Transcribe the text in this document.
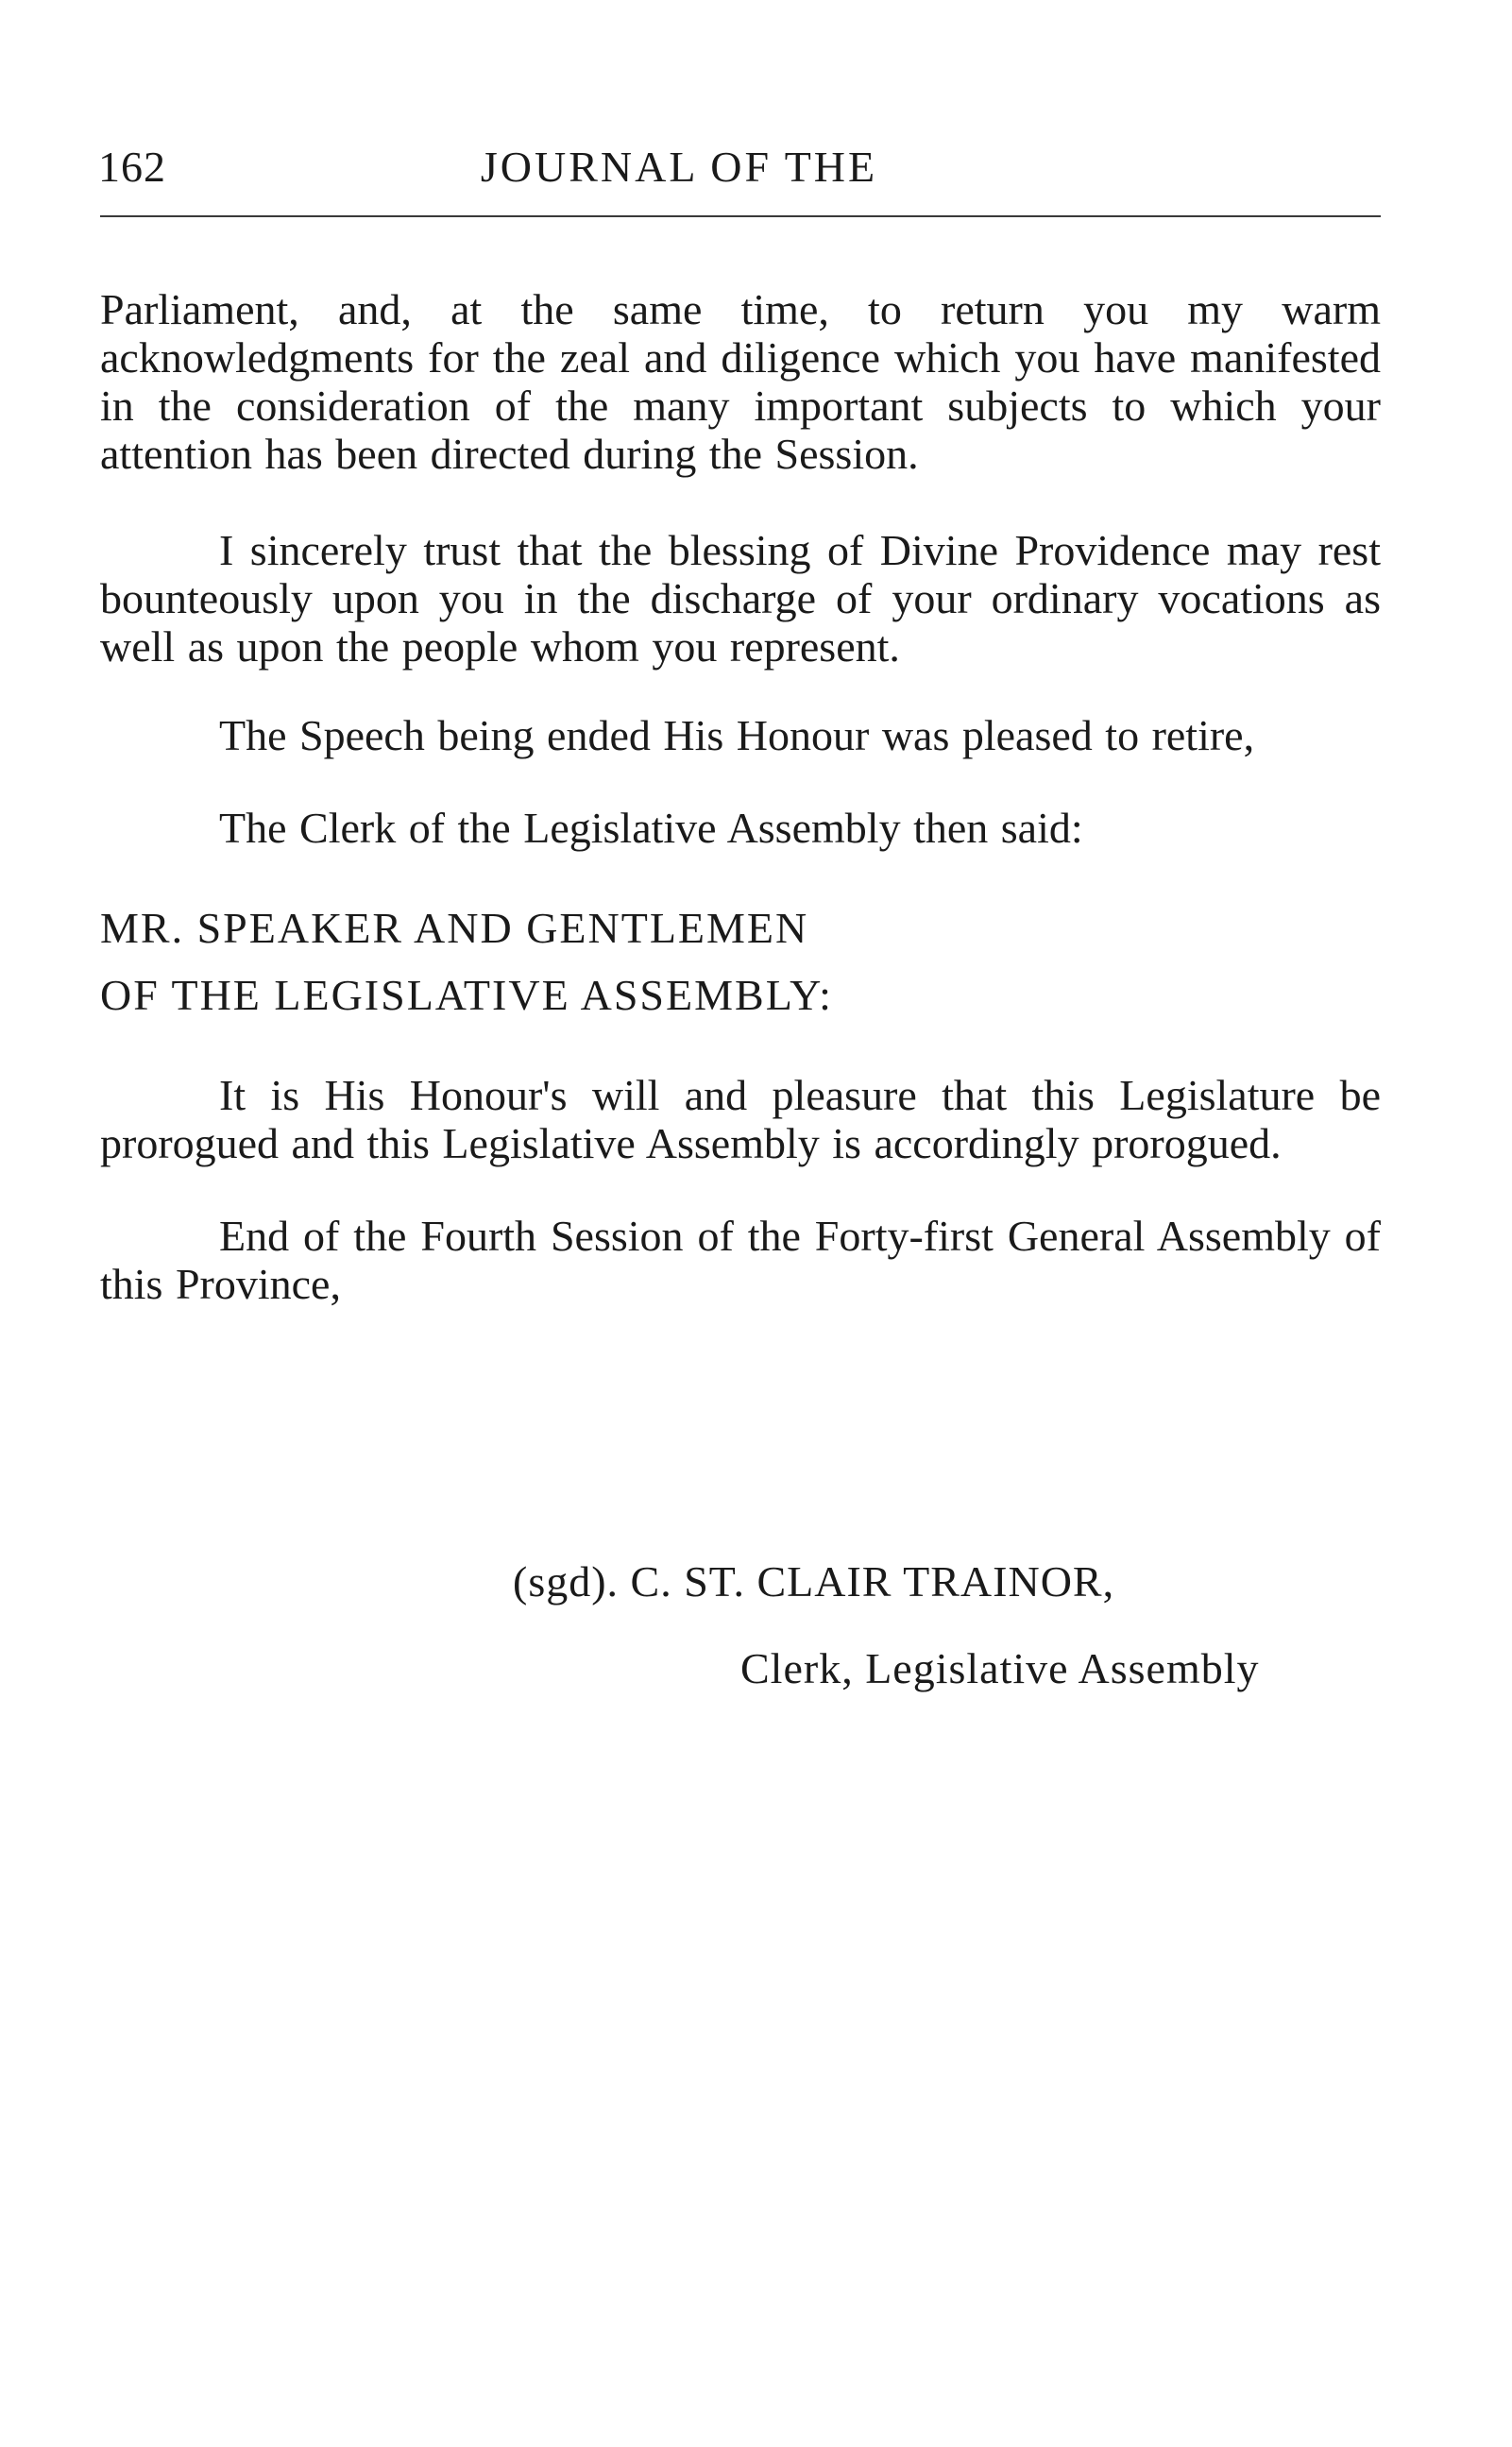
162	JOURNAL OF THE

Parliament, and, at the same time, to return you my warm acknowledgments for the zeal and diligence which you have manifested in the consideration of the many important subjects to which your attention has been directed during the Session.

I sincerely trust that the blessing of Divine Providence may rest bounteously upon you in the discharge of your ordinary vocations as well as upon the people whom you represent.

The Speech being ended His Honour was pleased to retire,

The Clerk of the Legislative Assembly then said:

MR. SPEAKER AND GENTLEMEN
OF THE LEGISLATIVE ASSEMBLY:

It is His Honour's will and pleasure that this Legislature be prorogued and this Legislative Assembly is accordingly prorogued.

End of the Fourth Session of the Forty-first General Assembly of this Province,

(sgd). C. ST. CLAIR TRAINOR,
Clerk, Legislative Assembly
